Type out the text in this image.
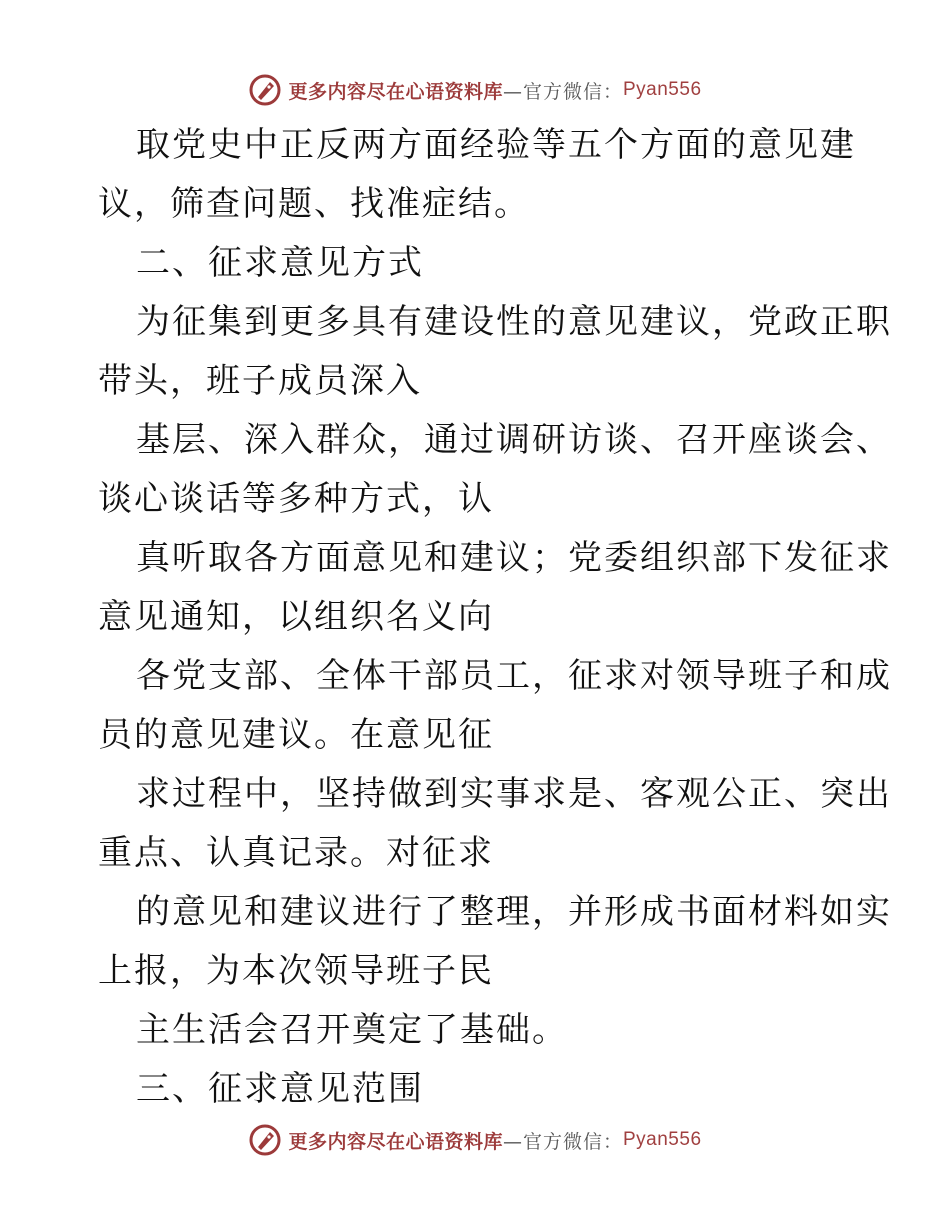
更多内容尽在心语资料库 —官方微信： Pyan556
取党史中正反两方面经验等五个方面的意见建
议，筛查问题、找准症结。
二、征求意见方式
为征集到更多具有建设性的意见建议，党政正职
带头，班子成员深入
基层、深入群众，通过调研访谈、召开座谈会、
谈心谈话等多种方式，认
真听取各方面意见和建议；党委组织部下发征求
意见通知，以组织名义向
各党支部、全体干部员工，征求对领导班子和成
员的意见建议。在意见征
求过程中，坚持做到实事求是、客观公正、突出
重点、认真记录。对征求
的意见和建议进行了整理，并形成书面材料如实
上报，为本次领导班子民
主生活会召开奠定了基础。
三、征求意见范围
更多内容尽在心语资料库 —官方微信： Pyan556
